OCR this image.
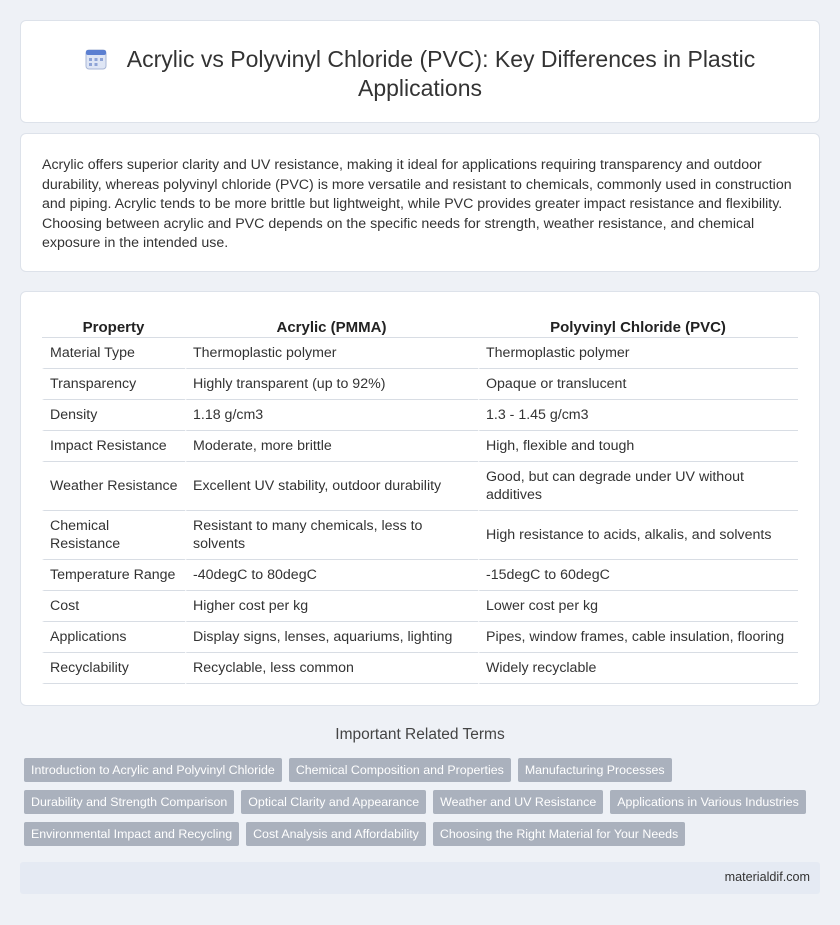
Acrylic vs Polyvinyl Chloride (PVC): Key Differences in Plastic Applications

Acrylic offers superior clarity and UV resistance, making it ideal for applications requiring transparency and outdoor durability, whereas polyvinyl chloride (PVC) is more versatile and resistant to chemicals, commonly used in construction and piping. Acrylic tends to be more brittle but lightweight, while PVC provides greater impact resistance and flexibility. Choosing between acrylic and PVC depends on the specific needs for strength, weather resistance, and chemical exposure in the intended use.

Property	Acrylic (PMMA)	Polyvinyl Chloride (PVC)
Material Type	Thermoplastic polymer	Thermoplastic polymer
Transparency	Highly transparent (up to 92%)	Opaque or translucent
Density	1.18 g/cm3	1.3 - 1.45 g/cm3
Impact Resistance	Moderate, more brittle	High, flexible and tough
Weather Resistance	Excellent UV stability, outdoor durability	Good, but can degrade under UV without additives
Chemical Resistance	Resistant to many chemicals, less to solvents	High resistance to acids, alkalis, and solvents
Temperature Range	-40degC to 80degC	-15degC to 60degC
Cost	Higher cost per kg	Lower cost per kg
Applications	Display signs, lenses, aquariums, lighting	Pipes, window frames, cable insulation, flooring
Recyclability	Recyclable, less common	Widely recyclable
Important Related Terms
Introduction to Acrylic and Polyvinyl Chloride	Chemical Composition and Properties	Manufacturing Processes
Durability and Strength Comparison	Optical Clarity and Appearance	Weather and UV Resistance	Applications in Various Industries
Environmental Impact and Recycling	Cost Analysis and Affordability	Choosing the Right Material for Your Needs
materialdif.com
